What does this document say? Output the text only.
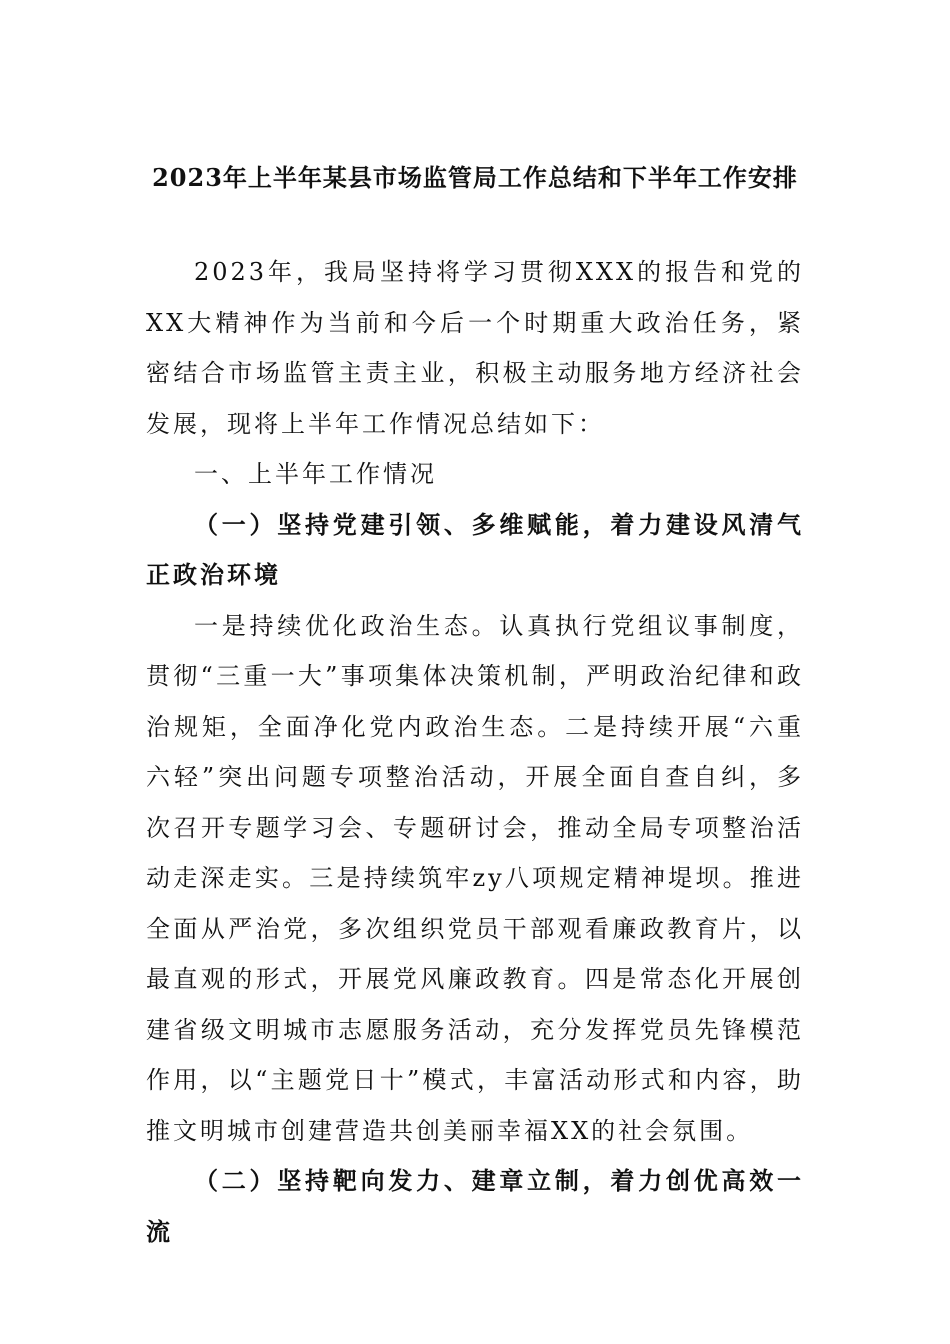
2023年上半年某县市场监管局工作总结和下半年工作安排

2023年，我局坚持将学习贯彻XXX的报告和党的XX大精神作为当前和今后一个时期重大政治任务，紧密结合市场监管主责主业，积极主动服务地方经济社会发展，现将上半年工作情况总结如下：

一、上半年工作情况

（一）坚持党建引领、多维赋能，着力建设风清气正政治环境

一是持续优化政治生态。认真执行党组议事制度，贯彻“三重一大”事项集体决策机制，严明政治纪律和政治规矩，全面净化党内政治生态。二是持续开展“六重六轻”突出问题专项整治活动，开展全面自查自纠，多次召开专题学习会、专题研讨会，推动全局专项整治活动走深走实。三是持续筑牢zy八项规定精神堤坝。推进全面从严治党，多次组织党员干部观看廉政教育片，以最直观的形式，开展党风廉政教育。四是常态化开展创建省级文明城市志愿服务活动，充分发挥党员先锋模范作用，以“主题党日十”模式，丰富活动形式和内容，助推文明城市创建营造共创美丽幸福XX的社会氛围。

（二）坚持靶向发力、建章立制，着力创优高效一流
